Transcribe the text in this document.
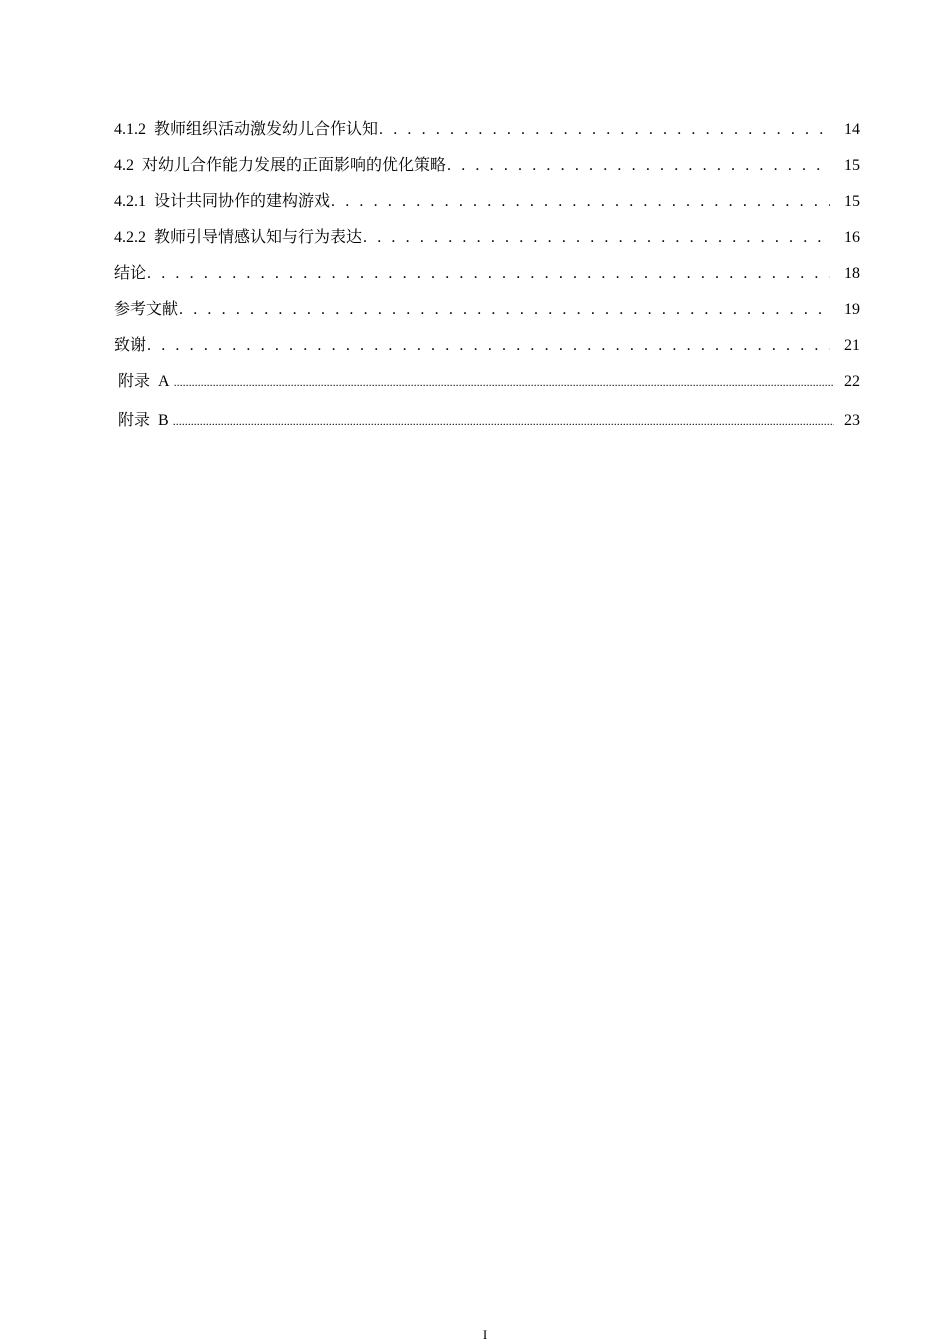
4.1.2  教师组织活动激发幼儿合作认知 . . .	14
4.2  对幼儿合作能力发展的正面影响的优化策略 . . .	15
4.2.1  设计共同协作的建构游戏 . . .	15
4.2.2  教师引导情感认知与行为表达 . . .	16
结论 . . .	18
参考文献 . . .	19
致谢 . . .	21
附录  A .....	22
附录  B .....	23
I
